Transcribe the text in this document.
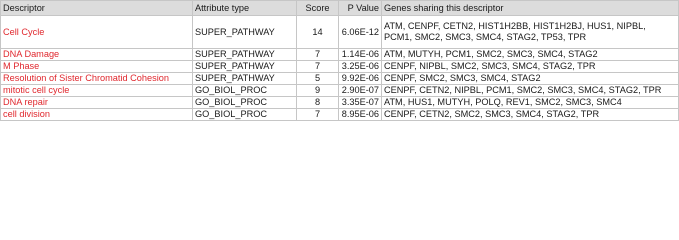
Descriptor	Attribute type	Score	P Value	Genes sharing this descriptor
Cell Cycle	SUPER_PATHWAY	14	6.06E-12	ATM, CENPF, CETN2, HIST1H2BB, HIST1H2BJ, HUS1, NIPBL, PCM1, SMC2, SMC3, SMC4, STAG2, TP53, TPR
DNA Damage	SUPER_PATHWAY	7	1.14E-06	ATM, MUTYH, PCM1, SMC2, SMC3, SMC4, STAG2
M Phase	SUPER_PATHWAY	7	3.25E-06	CENPF, NIPBL, SMC2, SMC3, SMC4, STAG2, TPR
Resolution of Sister Chromatid Cohesion	SUPER_PATHWAY	5	9.92E-06	CENPF, SMC2, SMC3, SMC4, STAG2
mitotic cell cycle	GO_BIOL_PROC	9	2.90E-07	CENPF, CETN2, NIPBL, PCM1, SMC2, SMC3, SMC4, STAG2, TPR
DNA repair	GO_BIOL_PROC	8	3.35E-07	ATM, HUS1, MUTYH, POLQ, REV1, SMC2, SMC3, SMC4
cell division	GO_BIOL_PROC	7	8.95E-06	CENPF, CETN2, SMC2, SMC3, SMC4, STAG2, TPR
